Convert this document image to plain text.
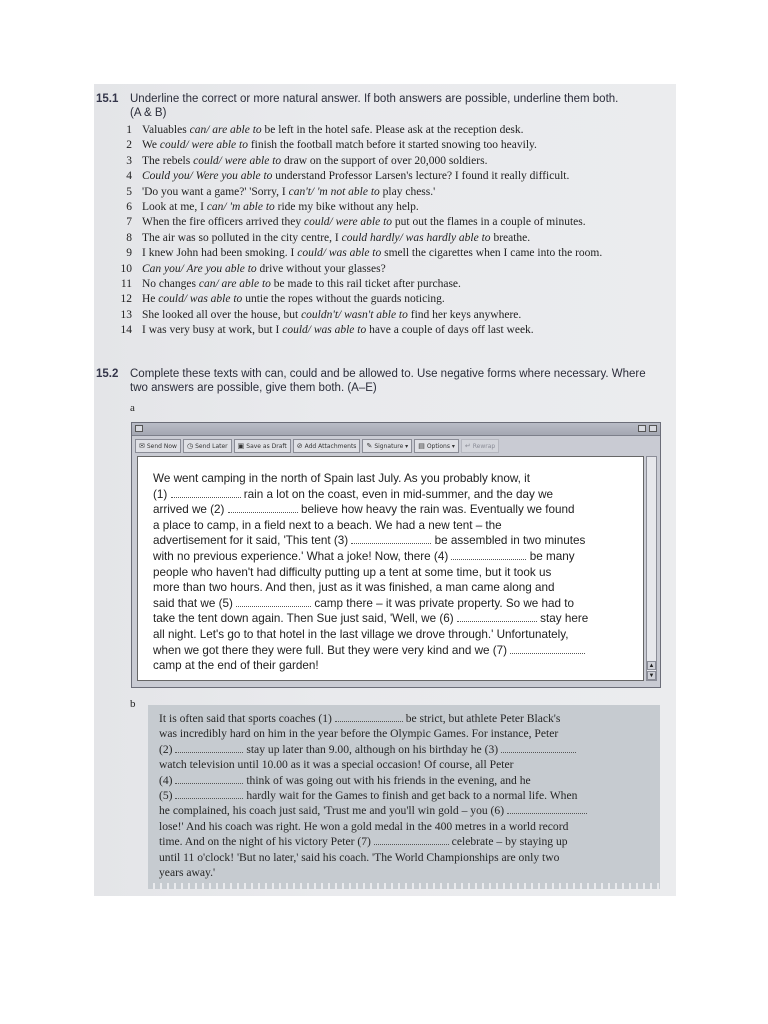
15.1 Underline the correct or more natural answer. If both answers are possible, underline them both.
(A & B)
1 Valuables can/ are able to be left in the hotel safe. Please ask at the reception desk.
2 We could/ were able to finish the football match before it started snowing too heavily.
3 The rebels could/ were able to draw on the support of over 20,000 soldiers.
4 Could you/ Were you able to understand Professor Larsen's lecture? I found it really difficult.
5 'Do you want a game?' 'Sorry, I can't/ 'm not able to play chess.'
6 Look at me, I can/ 'm able to ride my bike without any help.
7 When the fire officers arrived they could/ were able to put out the flames in a couple of minutes.
8 The air was so polluted in the city centre, I could hardly/ was hardly able to breathe.
9 I knew John had been smoking. I could/ was able to smell the cigarettes when I came into the room.
10 Can you/ Are you able to drive without your glasses?
11 No changes can/ are able to be made to this rail ticket after purchase.
12 He could/ was able to untie the ropes without the guards noticing.
13 She looked all over the house, but couldn't/ wasn't able to find her keys anywhere.
14 I was very busy at work, but I could/ was able to have a couple of days off last week.
15.2 Complete these texts with can, could and be allowed to. Use negative forms where necessary. Where two answers are possible, give them both. (A–E)
a
✉ Send Now ◷ Send Later ▣ Save as Draft ⊘ Add Attachments ✎ Signature ▾ ▤ Options ▾ ↵ Rewrap
We went camping in the north of Spain last July. As you probably know, it
(1)	rain a lot on the coast, even in mid-summer, and the day we
arrived we (2)	believe how heavy the rain was. Eventually we found
a place to camp, in a field next to a beach. We had a new tent – the
advertisement for it said, 'This tent (3)	be assembled in two minutes
with no previous experience.' What a joke! Now, there (4)	be many
people who haven't had difficulty putting up a tent at some time, but it took us
more than two hours. And then, just as it was finished, a man came along and
said that we (5)	camp there – it was private property. So we had to
take the tent down again. Then Sue just said, 'Well, we (6)	stay here
all night. Let's go to that hotel in the last village we drove through.' Unfortunately,
when we got there they were full. But they were very kind and we (7)
camp at the end of their garden!	▲
▼
b
It is often said that sports coaches (1)	be strict, but athlete Peter Black's
was incredibly hard on him in the year before the Olympic Games. For instance, Peter
(2)	stay up later than 9.00, although on his birthday he (3)
watch television until 10.00 as it was a special occasion! Of course, all Peter
(4)	think of was going out with his friends in the evening, and he
(5)	hardly wait for the Games to finish and get back to a normal life. When
he complained, his coach just said, 'Trust me and you'll win gold – you (6)
lose!' And his coach was right. He won a gold medal in the 400 metres in a world record
time. And on the night of his victory Peter (7)	celebrate – by staying up
until 11 o'clock! 'But no later,' said his coach. 'The World Championships are only two
years away.'
